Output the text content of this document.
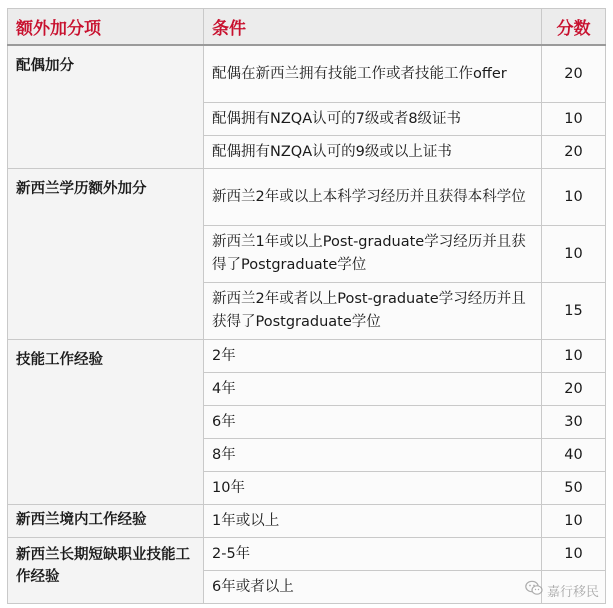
额外加分项	条件	分数
配偶加分	配偶在新西兰拥有技能工作或者技能工作offer	20
	配偶拥有NZQA认可的7级或者8级证书	10
	配偶拥有NZQA认可的9级或以上证书	20
新西兰学历额外加分	新西兰2年或以上本科学习经历并且获得本科学位	10
	新西兰1年或以上Post-graduate学习经历并且获得了Postgraduate学位	10
	新西兰2年或者以上Post-graduate学习经历并且获得了Postgraduate学位	15
技能工作经验	2年	10
	4年	20
	6年	30
	8年	40
	10年	50
新西兰境内工作经验	1年或以上	10
新西兰长期短缺职业技能工作经验	2-5年	10
	6年或者以上		嘉行移民
